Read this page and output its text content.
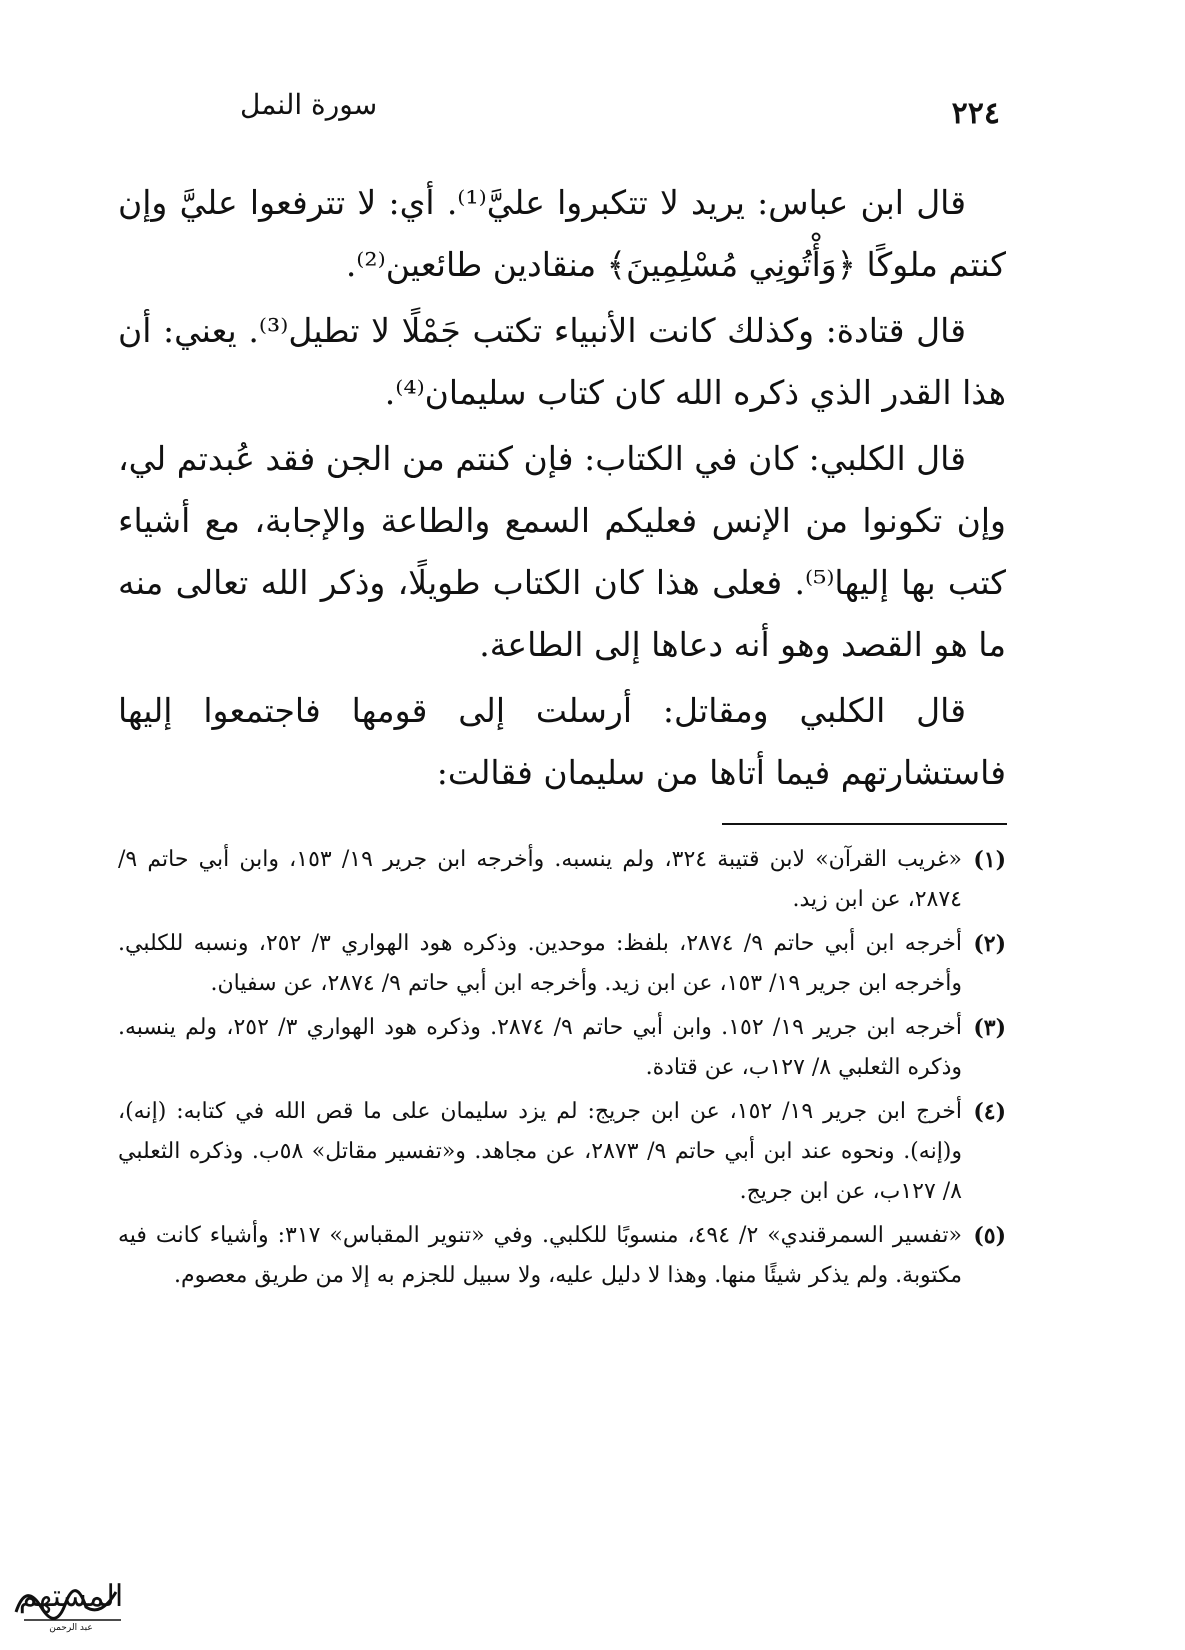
سورة النمل	٢٢٤

قال ابن عباس: يريد لا تتكبروا عليَّ⁽¹⁾. أي: لا تترفعوا عليَّ وإن كنتم ملوكًا ﴿وَأْتُونِي مُسْلِمِينَ﴾ منقادين طائعين⁽²⁾.

قال قتادة: وكذلك كانت الأنبياء تكتب جَمْلًا لا تطيل⁽³⁾. يعني: أن هذا القدر الذي ذكره الله كان كتاب سليمان⁽⁴⁾.

قال الكلبي: كان في الكتاب: فإن كنتم من الجن فقد عُبدتم لي، وإن تكونوا من الإنس فعليكم السمع والطاعة والإجابة، مع أشياء كتب بها إليها⁽⁵⁾. فعلى هذا كان الكتاب طويلًا، وذكر الله تعالى منه ما هو القصد وهو أنه دعاها إلى الطاعة.

قال الكلبي ومقاتل: أرسلت إلى قومها فاجتمعوا إليها فاستشارتهم فيما أتاها من سليمان فقالت:

(١)
«غريب القرآن» لابن قتيبة ٣٢٤، ولم ينسبه. وأخرجه ابن جرير ١٩/ ١٥٣، وابن أبي حاتم ٩/ ٢٨٧٤، عن ابن زيد.
(٢)
أخرجه ابن أبي حاتم ٩/ ٢٨٧٤، بلفظ: موحدين. وذكره هود الهواري ٣/ ٢٥٢، ونسبه للكلبي. وأخرجه ابن جرير ١٩/ ١٥٣، عن ابن زيد. وأخرجه ابن أبي حاتم ٩/ ٢٨٧٤، عن سفيان.
(٣)
أخرجه ابن جرير ١٩/ ١٥٢. وابن أبي حاتم ٩/ ٢٨٧٤. وذكره هود الهواري ٣/ ٢٥٢، ولم ينسبه. وذكره الثعلبي ٨/ ١٢٧ب، عن قتادة.
(٤)
أخرج ابن جرير ١٩/ ١٥٢، عن ابن جريج: لم يزد سليمان على ما قص الله في كتابه: (إنه)، و(إنه). ونحوه عند ابن أبي حاتم ٩/ ٢٨٧٣، عن مجاهد. و«تفسير مقاتل» ٥٨ب. وذكره الثعلبي ٨/ ١٢٧ب، عن ابن جريج.
(٥)
«تفسير السمرقندي» ٢/ ٤٩٤، منسوبًا للكلبي. وفي «تنوير المقباس» ٣١٧: وأشياء كانت فيه مكتوبة. ولم يذكر شيئًا منها. وهذا لا دليل عليه، ولا سبيل للجزم به إلا من طريق معصوم.
المستهم
عبد الرحمن
